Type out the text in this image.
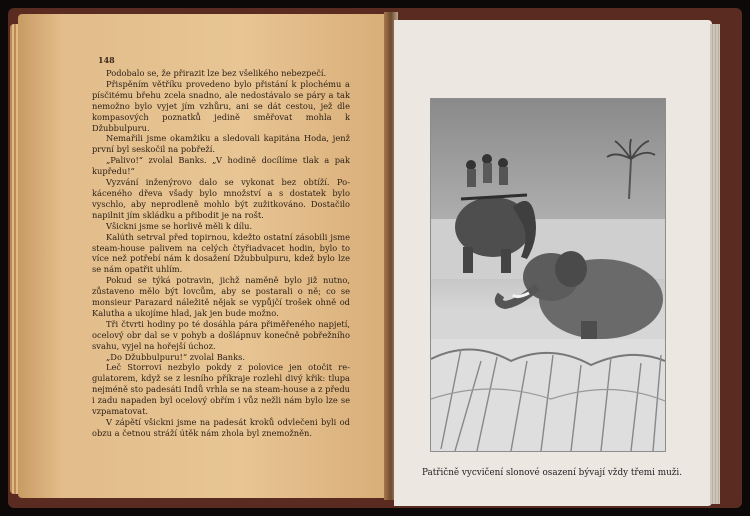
148

Podobalo se, že přirazit lze bez všelikého nebezpečí.

Přispěním větříku provedeno bylo přistání k plochému a písčitému břehu zcela snadno, ale nedostávalo se páry a tak nemožno bylo vyjet jím vzhůru, ani se dát cestou, jež dle kompasových poznatků jedině směřovat mohla k Džubbulpuru.

Nemařili jsme okamžiku a sledovali kapitána Hoda, jenž první byl seskočil na pobřeží.

„Palivo!“ zvolal Banks. „V hodině docílíme tlak a pak kupředu!“

Vyzvání inženýrovo dalo se vykonat bez obtíží. Pokáceného dřeva všady bylo množství a s dostatek bylo vyschlo, aby neprodleně mohlo být zužitkováno. Dostačilo napilnit jím skládku a přibodit je na rošt.

Všickni jsme se horlivě měli k dílu.

Kalúth setrval před topirnou, kdežto ostatní zásobili jsme steam-house palivem na celých čtyřiadvacet hodin, bylo to více než potřebí nám k dosažení Džubbulpuru, kdež bylo lze se nám opatřit uhlím.

Pokud se týká potravin, jichž naměně bylo již nutno, zůstaveno mělo být lovcům, aby se postarali o ně; co se monsieur Parazard náležitě nějak se vypůjčí trošek ohně od Kalutha a ukojíme hlad, jak jen bude možno.

Tři čtvrti hodiny po té dosáhla pára přiměřeného napjetí, ocelový obr dal se v pohyb a došlápnuv konečně pobřežního svahu, vyjel na hořejší úchoz.

„Do Džubbulpuru!“ zvolal Banks.

Leč Storrovi nezbylo pokdy z polovice jen otočit regulatorem, když se z lesního příkraje rozlehl divý křik: tlupa nejméně sto padesáti Indů vrhla se na steam-house a z předu i zadu napaden byl ocelový obřím i vůz nežli nám bylo lze se vzpamatovat.

V zápětí všickni jsme na padesát kroků odvlečeni byli od obzu a četnou stráží útěk nám zhola byl znemožněn.

Patřičně vycvičení slonové osazení bývají vždy třemi muži.
